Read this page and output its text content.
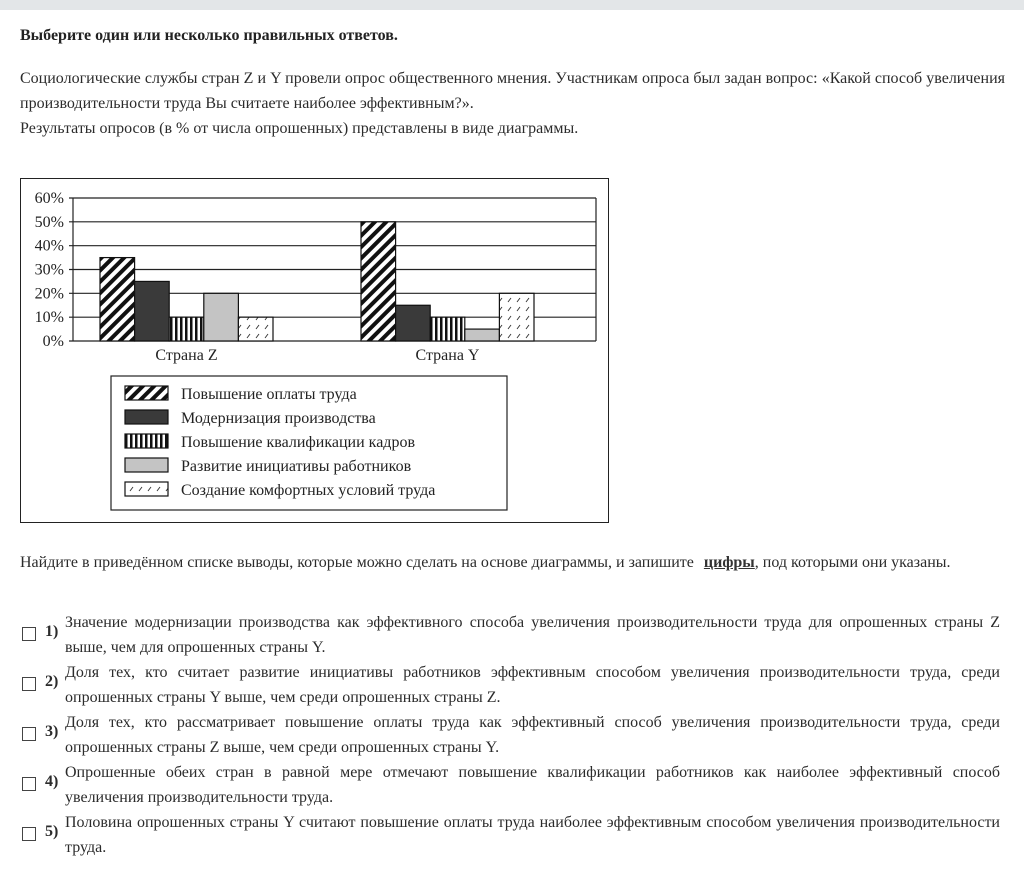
Выберите один или несколько правильных ответов.

Социологические службы стран Z и Y провели опрос общественного мнения. Участникам опроса был задан вопрос: «Какой способ увеличения производительности труда Вы считаете наиболее эффективным?».

Результаты опросов (в % от числа опрошенных) представлены в виде диаграммы.

0%
10%
20%
30%
40%
50%
60%
Страна Z	Страна Y
Повышение оплаты труда
Модернизация производства
Повышение квалификации кадров
Развитие инициативы работников
Создание комфортных условий труда
Найдите в приведённом списке выводы, которые можно сделать на основе диаграммы, и запишите цифры, под которыми они указаны.
1)
Значение модернизации производства как эффективного способа увеличения производительности труда для опрошенных страны Z выше, чем для опрошенных страны Y.
2)
Доля тех, кто считает развитие инициативы работников эффективным способом увеличения производительности труда, среди опрошенных страны Y выше, чем среди опрошенных страны Z.
3)
Доля тех, кто рассматривает повышение оплаты труда как эффективный способ увеличения производительности труда, среди опрошенных страны Z выше, чем среди опрошенных страны Y.
4)
Опрошенные обеих стран в равной мере отмечают повышение квалификации работников как наиболее эффективный способ увеличения производительности труда.
5)
Половина опрошенных страны Y считают повышение оплаты труда наиболее эффективным способом увеличения производительности труда.
